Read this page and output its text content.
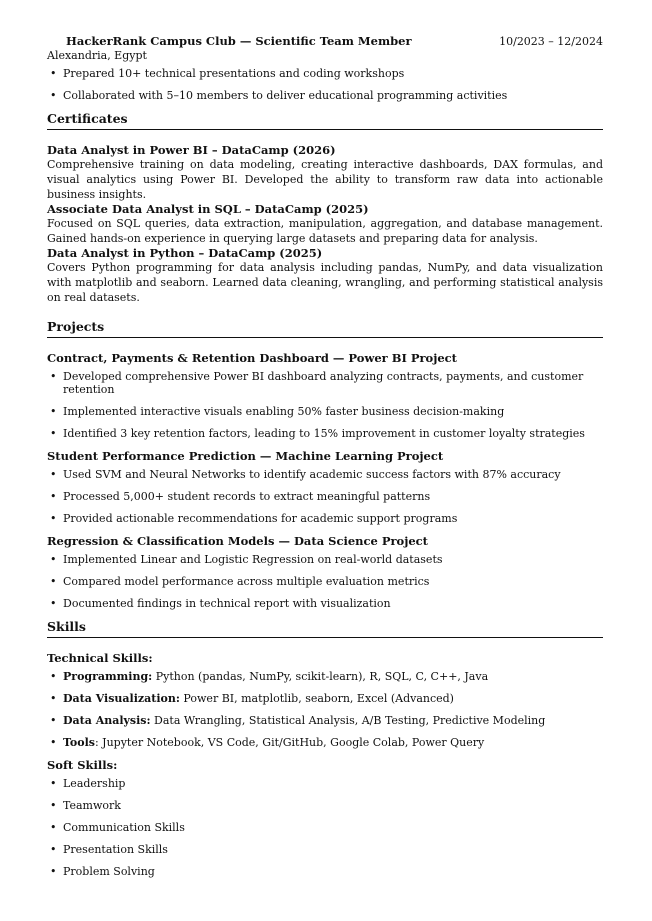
HackerRank Campus Club — Scientific Team Member	10/2023 – 12/2024
Alexandria, Egypt
• Prepared 10+ technical presentations and coding workshops
• Collaborated with 5–10 members to deliver educational programming activities
Certificates
Data Analyst in Power BI – DataCamp (2026)
Comprehensive training on data modeling, creating interactive dashboards, DAX formulas, and visual analytics using Power BI. Developed the ability to transform raw data into actionable business insights.
Associate Data Analyst in SQL – DataCamp (2025)
Focused on SQL queries, data extraction, manipulation, aggregation, and database management. Gained hands-on experience in querying large datasets and preparing data for analysis.
Data Analyst in Python – DataCamp (2025)
Covers Python programming for data analysis including pandas, NumPy, and data visualization with matplotlib and seaborn. Learned data cleaning, wrangling, and performing statistical analysis on real datasets.
Projects
Contract, Payments & Retention Dashboard — Power BI Project
• Developed comprehensive Power BI dashboard analyzing contracts, payments, and customer retention
• Implemented interactive visuals enabling 50% faster business decision-making
• Identified 3 key retention factors, leading to 15% improvement in customer loyalty strategies
Student Performance Prediction — Machine Learning Project
• Used SVM and Neural Networks to identify academic success factors with 87% accuracy
• Processed 5,000+ student records to extract meaningful patterns
• Provided actionable recommendations for academic support programs
Regression & Classification Models — Data Science Project
• Implemented Linear and Logistic Regression on real-world datasets
• Compared model performance across multiple evaluation metrics
• Documented findings in technical report with visualization
Skills
Technical Skills:
• Programming: Python (pandas, NumPy, scikit-learn), R, SQL, C, C++, Java
• Data Visualization: Power BI, matplotlib, seaborn, Excel (Advanced)
• Data Analysis: Data Wrangling, Statistical Analysis, A/B Testing, Predictive Modeling
• Tools: Jupyter Notebook, VS Code, Git/GitHub, Google Colab, Power Query
Soft Skills:
• Leadership
• Teamwork
• Communication Skills
• Presentation Skills
• Problem Solving
